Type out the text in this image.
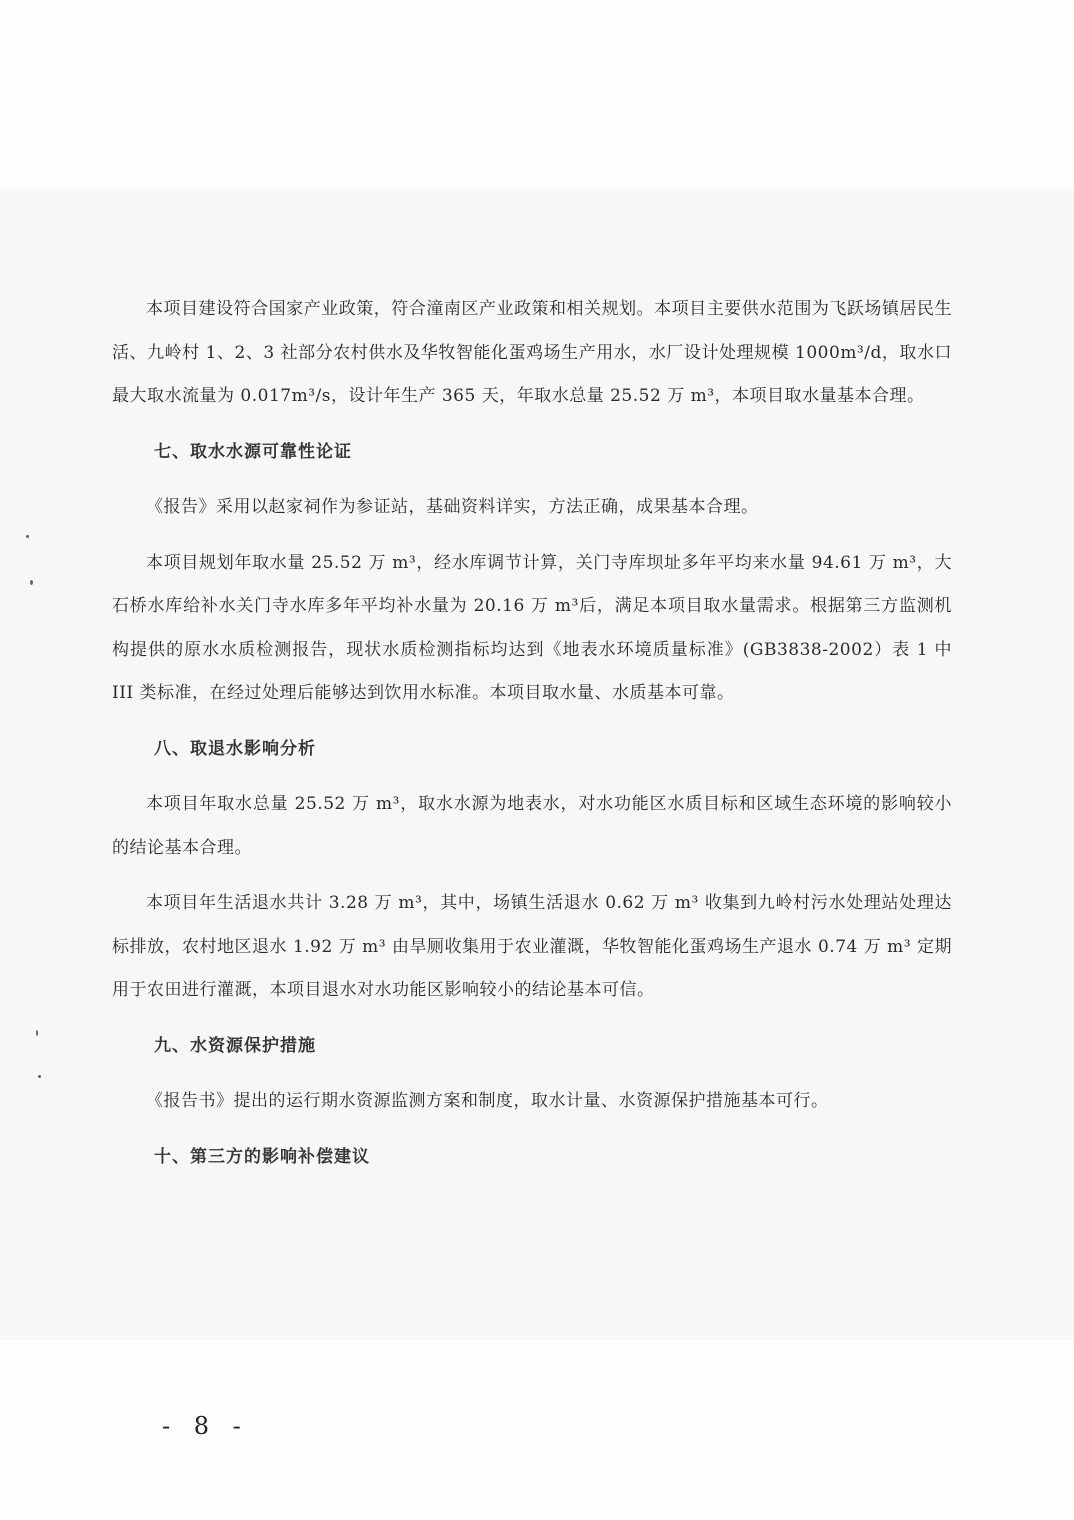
本项目建设符合国家产业政策，符合潼南区产业政策和相关规划。本项目主要供水范围为飞跃场镇居民生活、九岭村 1、2、3 社部分农村供水及华牧智能化蛋鸡场生产用水，水厂设计处理规模 1000m³/d，取水口最大取水流量为 0.017m³/s，设计年生产 365 天，年取水总量 25.52 万 m³，本项目取水量基本合理。

七、取水水源可靠性论证

《报告》采用以赵家祠作为参证站，基础资料详实，方法正确，成果基本合理。

本项目规划年取水量 25.52 万 m³，经水库调节计算，关门寺库坝址多年平均来水量 94.61 万 m³，大石桥水库给补水关门寺水库多年平均补水量为 20.16 万 m³后，满足本项目取水量需求。根据第三方监测机构提供的原水水质检测报告，现状水质检测指标均达到《地表水环境质量标准》(GB3838-2002）表 1 中 III 类标准，在经过处理后能够达到饮用水标准。本项目取水量、水质基本可靠。

八、取退水影响分析

本项目年取水总量 25.52 万 m³，取水水源为地表水，对水功能区水质目标和区域生态环境的影响较小的结论基本合理。

本项目年生活退水共计 3.28 万 m³，其中，场镇生活退水 0.62 万 m³ 收集到九岭村污水处理站处理达标排放，农村地区退水 1.92 万 m³ 由旱厕收集用于农业灌溉，华牧智能化蛋鸡场生产退水 0.74 万 m³ 定期用于农田进行灌溉，本项目退水对水功能区影响较小的结论基本可信。

九、水资源保护措施

《报告书》提出的运行期水资源监测方案和制度，取水计量、水资源保护措施基本可行。

十、第三方的影响补偿建议

- 8 -
